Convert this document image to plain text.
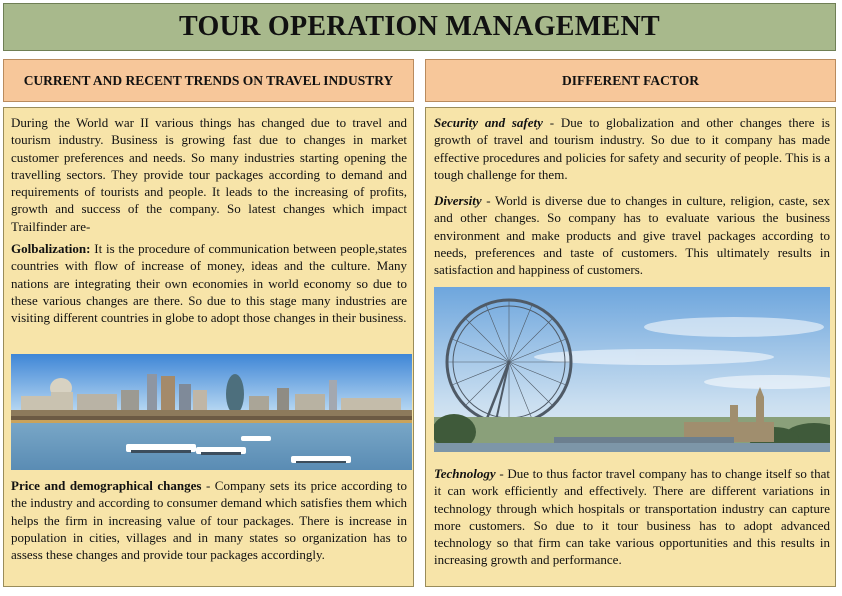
TOUR OPERATION MANAGEMENT
CURRENT AND RECENT TRENDS ON TRAVEL INDUSTRY	DIFFERENT FACTOR

During the World war II various things has changed due to travel and tourism industry. Business is growing fast due to changes in market customer preferences and needs. So many industries starting opening the travelling sectors. They provide tour packages according to demand and requirements of tourists and people. It leads to the increasing of profits, growth and success of the company. So latest changes which impact Trailfinder are-

Golbalization: It is the procedure of communication between people,states countries with flow of increase of money, ideas and the culture. Many nations are integrating their own economies in world economy so due to these various changes are there. So due to this stage many industries are visiting different countries in globe to adopt those changes in their business.

Price and demographical changes - Company sets its price according to the industry and according to consumer demand which satisfies them which helps the firm in increasing value of tour packages. There is increase in population in cities, villages and in many states so organization has to assess these changes and provide tour packages accordingly.

Security and safety - Due to globalization and other changes there is growth of travel and tourism industry. So due to it company has made effective procedures and policies for safety and security of people. This is a tough challenge for them.

Diversity - World is diverse due to changes in culture, religion, caste, sex and other changes. So company has to evaluate various the business environment and make products and give travel packages according to needs, preferences and taste of customers. This ultimately results in satisfaction and happiness of customers.

Technology - Due to thus factor travel company has to change itself so that it can work efficiently and effectively. There are different variations in technology through which hospitals or transportation industry can capture more customers. So due to it tour business has to adopt advanced technology so that firm can take various opportunities and this results in increasing growth and performance.
